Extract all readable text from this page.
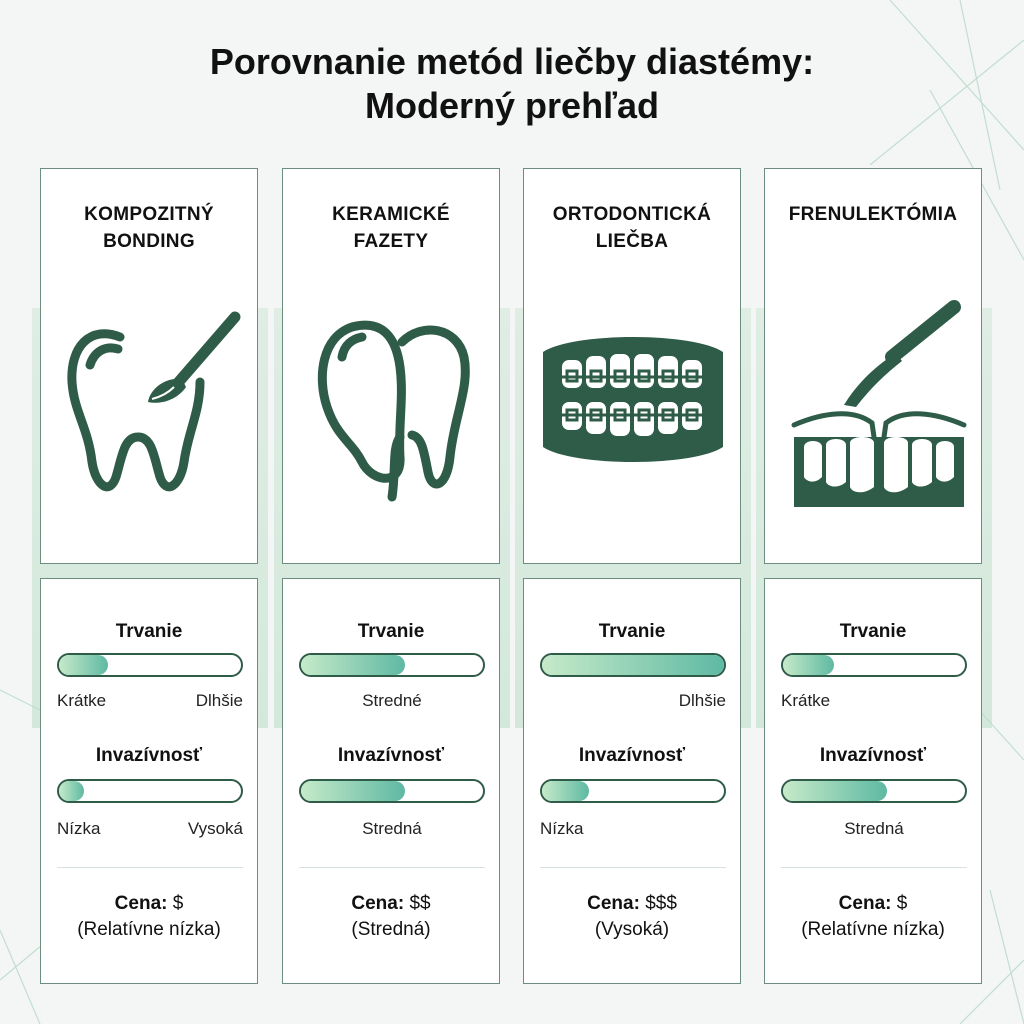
Porovnanie metód liečby diastémy:
Moderný prehľad
KOMPOZITNÝ
BONDING
Trvanie
Krátke	Dlhšie
Invazívnosť
Nízka	Vysoká
Cena: $
(Relatívne nízka)
KERAMICKÉ
FAZETY
Trvanie
Stredné
Invazívnosť
Stredná
Cena: $$
(Stredná)
ORTODONTICKÁ
LIEČBA
Trvanie
Dlhšie
Invazívnosť
Nízka
Cena: $$$
(Vysoká)
FRENULEKTÓMIA
Trvanie
Krátke
Invazívnosť
Stredná
Cena: $
(Relatívne nízka)
